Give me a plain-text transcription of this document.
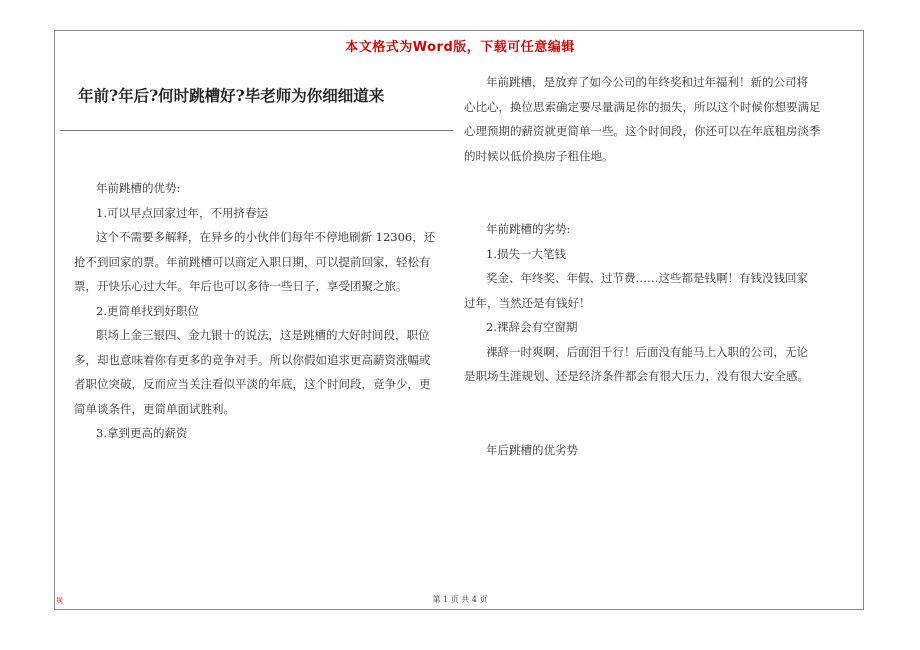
本文格式为Word版，下载可任意编辑
年前?年后?何时跳槽好?毕老师为你细细道来

年前跳槽的优势:

1.可以早点回家过年，不用挤春运

这个不需要多解释，在异乡的小伙伴们每年不停地刷新 12306，还

抢不到回家的票。年前跳槽可以商定入职日期，可以提前回家，轻松有

票，开快乐心过大年。年后也可以多待一些日子，享受团聚之旅。

2.更简单找到好职位

职场上金三银四、金九银十的说法，这是跳槽的大好时间段，职位

多，却也意味着你有更多的竞争对手。所以你假如追求更高薪资涨幅或

者职位突破，反而应当关注看似平淡的年底，这个时间段，竞争少，更

简单谈条件，更简单面试胜利。

3.拿到更高的薪资

年前跳槽，是放弃了如今公司的年终奖和过年福利！新的公司将

心比心，换位思索确定要尽量满足你的损失，所以这个时候你想要满足

心理预期的薪资就更简单一些。这个时间段，你还可以在年底租房淡季

的时候以低价换房子租住地。

年前跳槽的劣势:

1.损失一大笔钱

奖金、年终奖、年假、过节费……这些都是钱啊！有钱没钱回家

过年，当然还是有钱好！

2.裸辞会有空窗期

裸辞一时爽啊，后面泪千行！后面没有能马上入职的公司，无论

是职场生涯规划、还是经济条件都会有很大压力，没有很大安全感。

年后跳槽的优劣势

第 1 页 共 4 页
规
